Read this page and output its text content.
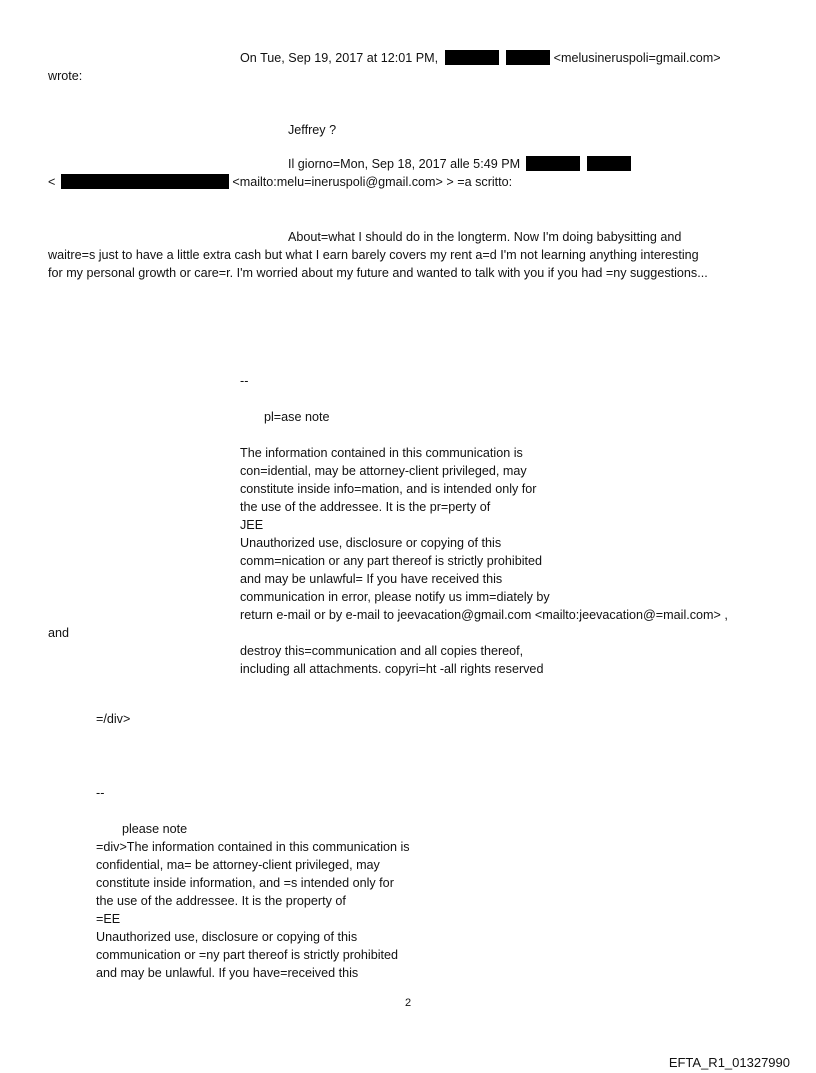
On Tue, Sep 19, 2017 at 12:01 PM,	<melusineruspoli=gmail.com>
wrote:
Jeffrey ?
Il giorno=Mon, Sep 18, 2017 alle 5:49 PM
<	<mailto:melu=ineruspoli@gmail.com> > =a scritto:
About=what I should do in the longterm. Now I'm doing babysitting and
waitre=s just to have a little extra cash but what I earn barely covers my rent a=d I'm not learning anything interesting
for my personal growth or care=r. I'm worried about my future and wanted to talk with you if you had =ny suggestions...
--
pl=ase note
The information contained in this communication is
con=idential, may be attorney-client privileged, may
constitute inside info=mation, and is intended only for
the use of the addressee. It is the pr=perty of
JEE
Unauthorized use, disclosure or copying of this
comm=nication or any part thereof is strictly prohibited
and may be unlawful= If you have received this
communication in error, please notify us imm=diately by
return e-mail or by e-mail to jeevacation@gmail.com <mailto:jeevacation@=mail.com> ,
and
destroy this=communication and all copies thereof,
including all attachments. copyri=ht -all rights reserved
=/div>
--
please note
=div>The information contained in this communication is
confidential, ma= be attorney-client privileged, may
constitute inside information, and =s intended only for
the use of the addressee. It is the property of
=EE
Unauthorized use, disclosure or copying of this
communication or =ny part thereof is strictly prohibited
and may be unlawful. If you have=received this
2
EFTA_R1_01327990
